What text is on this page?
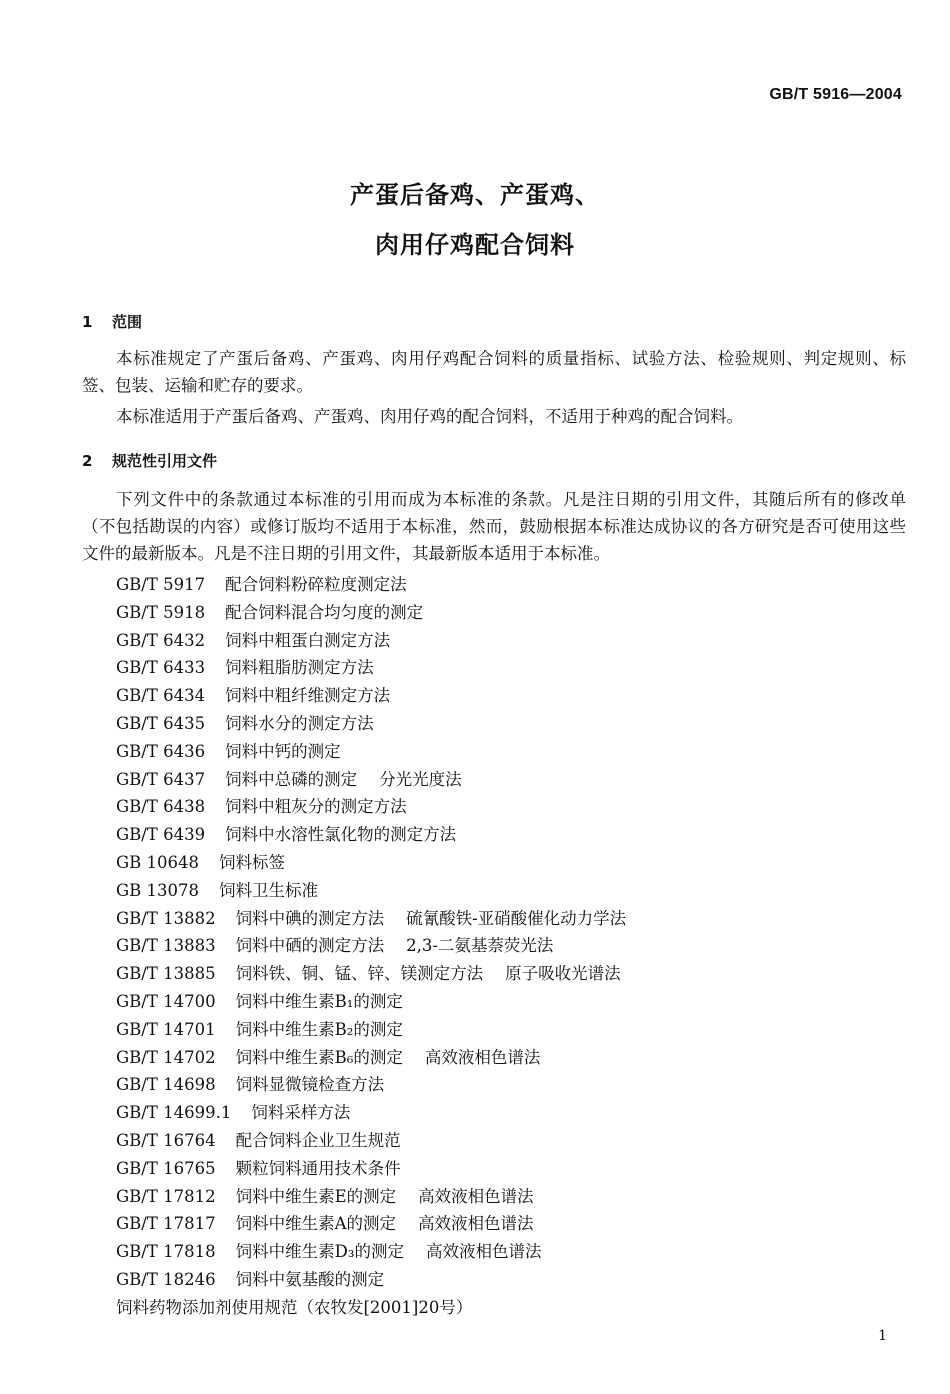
GB/T 5916—2004
产蛋后备鸡、产蛋鸡、
肉用仔鸡配合饲料
1 范围
本标准规定了产蛋后备鸡、产蛋鸡、肉用仔鸡配合饲料的质量指标、试验方法、检验规则、判定规则、标签、包装、运输和贮存的要求。
本标准适用于产蛋后备鸡、产蛋鸡、肉用仔鸡的配合饲料，不适用于种鸡的配合饲料。
2 规范性引用文件
下列文件中的条款通过本标准的引用而成为本标准的条款。凡是注日期的引用文件，其随后所有的修改单（不包括勘误的内容）或修订版均不适用于本标准，然而，鼓励根据本标准达成协议的各方研究是否可使用这些文件的最新版本。凡是不注日期的引用文件，其最新版本适用于本标准。
GB/T 5917 配合饲料粉碎粒度测定法
GB/T 5918 配合饲料混合均匀度的测定
GB/T 6432 饲料中粗蛋白测定方法
GB/T 6433 饲料粗脂肪测定方法
GB/T 6434 饲料中粗纤维测定方法
GB/T 6435 饲料水分的测定方法
GB/T 6436 饲料中钙的测定
GB/T 6437 饲料中总磷的测定 分光光度法
GB/T 6438 饲料中粗灰分的测定方法
GB/T 6439 饲料中水溶性氯化物的测定方法
GB 10648 饲料标签
GB 13078 饲料卫生标准
GB/T 13882 饲料中碘的测定方法 硫氰酸铁-亚硝酸催化动力学法
GB/T 13883 饲料中硒的测定方法 2,3-二氨基萘荧光法
GB/T 13885 饲料铁、铜、锰、锌、镁测定方法 原子吸收光谱法
GB/T 14700 饲料中维生素B₁的测定
GB/T 14701 饲料中维生素B₂的测定
GB/T 14702 饲料中维生素B₆的测定 高效液相色谱法
GB/T 14698 饲料显微镜检查方法
GB/T 14699.1 饲料采样方法
GB/T 16764 配合饲料企业卫生规范
GB/T 16765 颗粒饲料通用技术条件
GB/T 17812 饲料中维生素E的测定 高效液相色谱法
GB/T 17817 饲料中维生素A的测定 高效液相色谱法
GB/T 17818 饲料中维生素D₃的测定 高效液相色谱法
GB/T 18246 饲料中氨基酸的测定
饲料药物添加剂使用规范（农牧发[2001]20号）
1
